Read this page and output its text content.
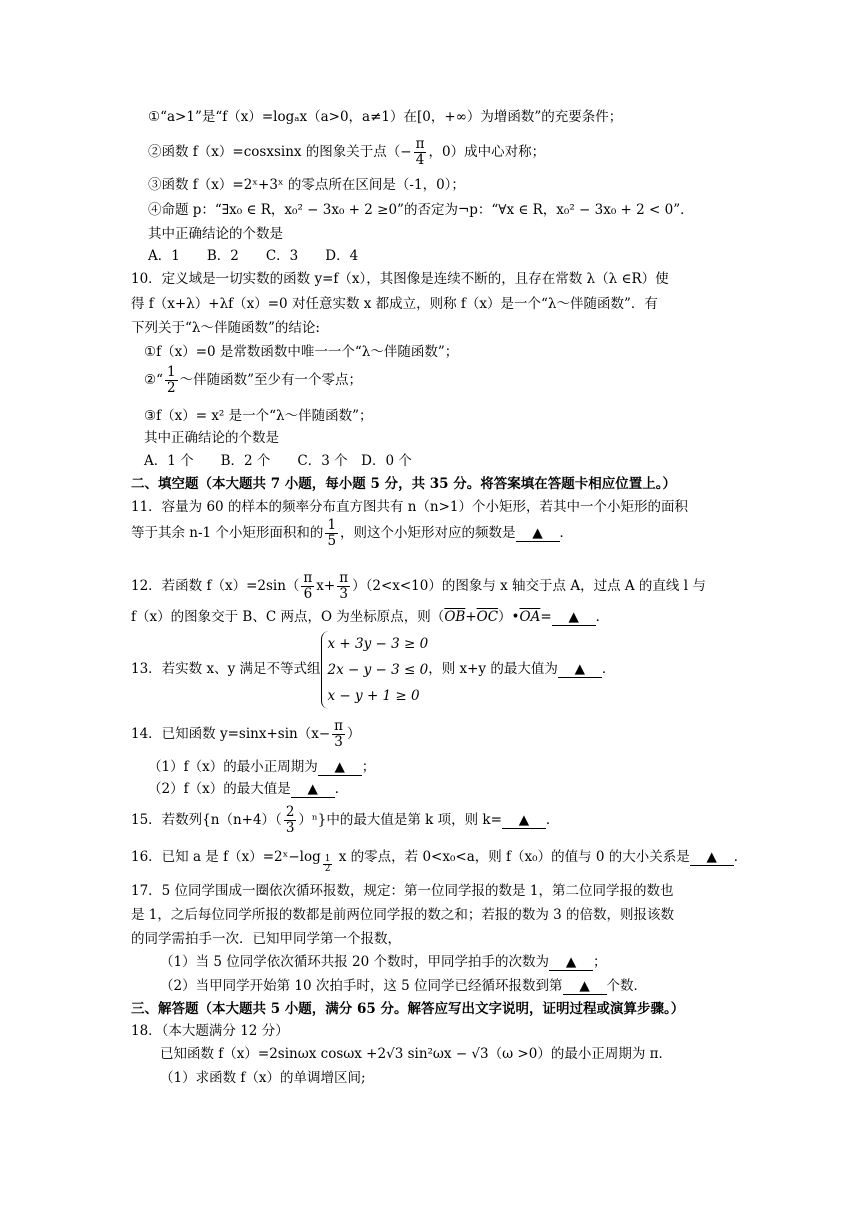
①“a>1”是“f（x）=logₐx（a>0，a≠1）在[0，+∞）为增函数”的充要条件；
②函数 f（x）=cosxsinx 的图象关于点（− $\frac{\pi}{4}$ ，0）成中心对称；
③函数 f（x）=2ˣ+3ˣ 的零点所在区间是（-1，0）；
④命题 p：“∃x₀ ∈ R，x₀² − 3x₀ + 2 ≥0”的否定为¬p：“∀x ∈ R，x₀² − 3x₀ + 2 < 0”．
其中正确结论的个数是
A．1　　B．2　　C．3　　D．4
10．定义域是一切实数的函数 y=f（x），其图像是连续不断的，且存在常数 λ（λ ∈R）使
得 f（x+λ）+λf（x）=0 对任意实数 x 都成立，则称 f（x）是一个“λ～伴随函数”．有
下列关于“λ～伴随函数”的结论:
①f（x）=0 是常数函数中唯一一个“λ～伴随函数”；
②“ $\frac{1}{2}$ ～伴随函数”至少有一个零点；
③f（x）= x² 是一个“λ～伴随函数”；
其中正确结论的个数是
A．1 个　　B．2 个　　C．3 个　D．0 个
二、填空题（本大题共 7 小题，每小题 5 分，共 35 分。将答案填在答题卡相应位置上。）
11．容量为 60 的样本的频率分布直方图共有 n（n>1）个小矩形，若其中一个小矩形的面积
等于其余 n-1 个小矩形面积和的 $\frac{1}{5}$ ，则这个小矩形对应的频数是 ▲ ．
12．若函数 $f(x)=2\sin( \frac{\pi}{6} x+ \frac{\pi}{3} )(2<x<10)$的图象与 x 轴交于点 A，过点 A 的直线 l 与
f（x）的图象交于 B、C 两点，O 为坐标原点，则$(\overline{OB}+\overline{OC})•\overline{OA}=$ ▲ ．
13．若实数 x、y 满足不等式组
x + 3y − 3 ≥ 0
2x − y − 3 ≤ 0
x − y + 1 ≥ 0
，则 x+y 的最大值为 ▲ ．
14．已知函数 $y=\sin x+\sin(x- \frac{\pi}{3}$ ）
（1）f（x）的最小正周期为 ▲ ；
（2）f（x）的最大值是 ▲ ．
15．若数列$\{n(n+4)( \frac{2}{3} )^n\}$中的最大值是第 k 项，则 k= ▲ ．
16．已知 a 是 f（x）=2ˣ−log $\frac{1}{2}$ x 的零点，若 0<x₀<a，则 f（x₀）的值与 0 的大小关系是 ▲ ．
17．5 位同学围成一圈依次循环报数，规定：第一位同学报的数是 1，第二位同学报的数也
是 1，之后每位同学所报的数都是前两位同学报的数之和；若报的数为 3 的倍数，则报该数
的同学需拍手一次．已知甲同学第一个报数，
（1）当 5 位同学依次循环共报 20 个数时，甲同学拍手的次数为 ▲ ；
（2）当甲同学开始第 10 次拍手时，这 5 位同学已经循环报数到第 ▲ 个数．
三、解答题（本大题共 5 小题，满分 65 分。解答应写出文字说明，证明过程或演算步骤。）
18．（本大题满分 12 分）
已知函数 f（x）=2sinωx cosωx +2√3 sin²ωx − √3（ω >0）的最小正周期为 π．
（1）求函数 f（x）的单调增区间;
